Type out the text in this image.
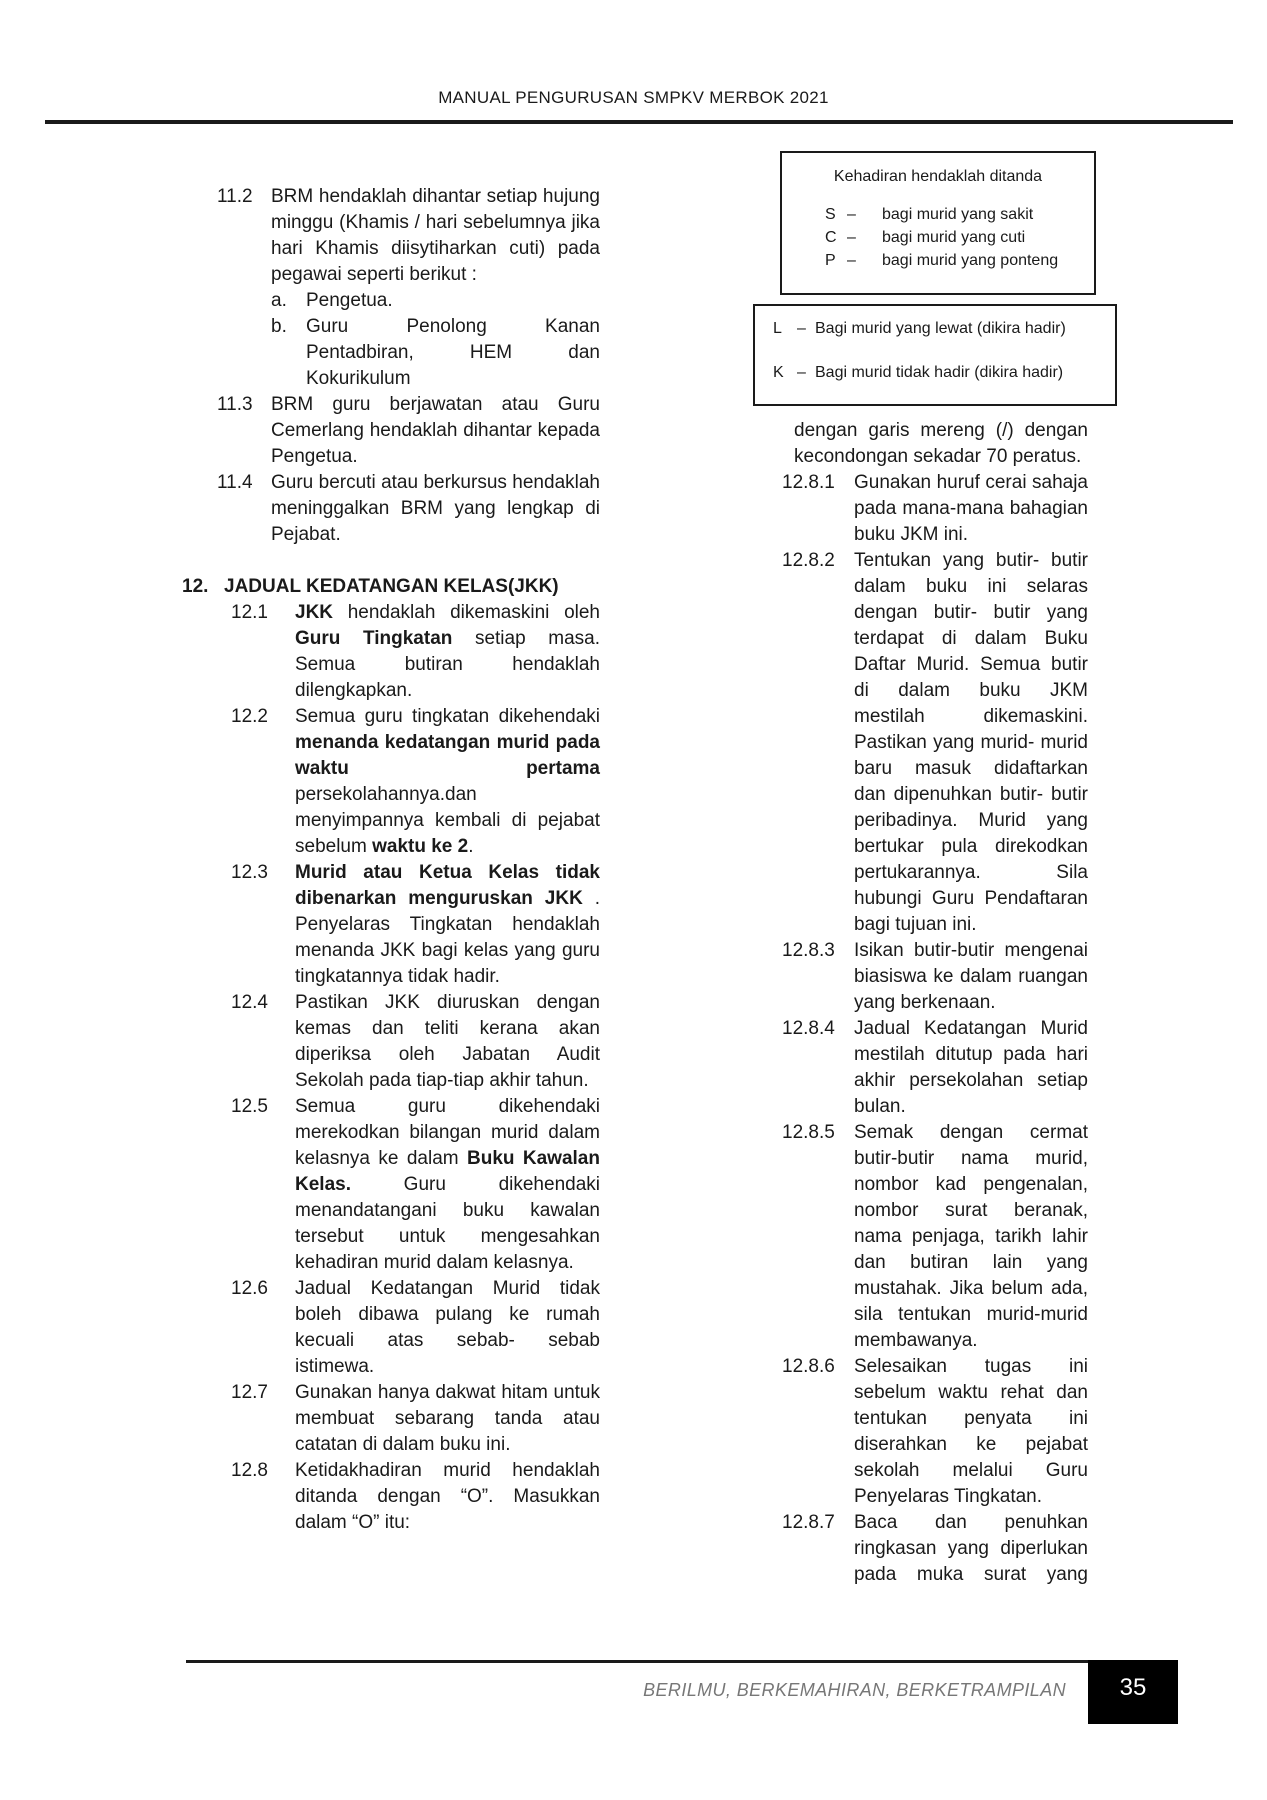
MANUAL PENGURUSAN SMPKV MERBOK 2021
11.2 BRM hendaklah dihantar setiap hujung minggu (Khamis / hari sebelumnya jika hari Khamis diisytiharkan cuti) pada pegawai seperti berikut :
a.	Pengetua.
b.	Guru Penolong Kanan Pentadbiran, HEM dan Kokurikulum
11.3 BRM guru berjawatan atau Guru Cemerlang hendaklah dihantar kepada Pengetua.
11.4 Guru bercuti atau berkursus hendaklah meninggalkan BRM yang lengkap di Pejabat.
12. JADUAL KEDATANGAN KELAS(JKK)
12.1	JKK hendaklah dikemaskini oleh Guru Tingkatan setiap masa. Semua butiran hendaklah dilengkapkan.
12.2	Semua guru tingkatan dikehendaki menanda kedatangan murid pada waktu pertama persekolahannya.dan menyimpannya kembali di pejabat sebelum waktu ke 2.
12.3	Murid atau Ketua Kelas tidak dibenarkan menguruskan JKK . Penyelaras Tingkatan hendaklah menanda JKK bagi kelas yang guru tingkatannya tidak hadir.
12.4	Pastikan JKK diuruskan dengan kemas dan teliti kerana akan diperiksa oleh Jabatan Audit Sekolah pada tiap-tiap akhir tahun.
12.5	Semua guru dikehendaki merekodkan bilangan murid dalam kelasnya ke dalam Buku Kawalan Kelas. Guru dikehendaki menandatangani buku kawalan tersebut untuk mengesahkan kehadiran murid dalam kelasnya.
12.6	Jadual Kedatangan Murid tidak boleh dibawa pulang ke rumah kecuali atas sebab- sebab istimewa.
12.7	Gunakan hanya dakwat hitam untuk membuat sebarang tanda atau catatan di dalam buku ini.
12.8	Ketidakhadiran murid hendaklah ditanda dengan “O”. Masukkan dalam “O” itu:
Kehadiran hendaklah ditanda
S –	bagi murid yang sakit
C –	bagi murid yang cuti
P –	bagi murid yang ponteng
L – Bagi murid yang lewat (dikira hadir)
K – Bagi murid tidak hadir (dikira hadir)
dengan garis mereng (/) dengan kecondongan sekadar 70 peratus.
12.8.1	Gunakan huruf cerai sahaja pada mana-mana bahagian buku JKM ini.
12.8.2	Tentukan yang butir- butir dalam buku ini selaras dengan butir- butir yang terdapat di dalam Buku Daftar Murid. Semua butir di dalam buku JKM mestilah dikemaskini. Pastikan yang murid- murid baru masuk didaftarkan dan dipenuhkan butir- butir peribadinya. Murid yang bertukar pula direkodkan pertukarannya. Sila hubungi Guru Pendaftaran bagi tujuan ini.
12.8.3	Isikan butir-butir mengenai biasiswa ke dalam ruangan yang berkenaan.
12.8.4	Jadual Kedatangan Murid mestilah ditutup pada hari akhir persekolahan setiap bulan.
12.8.5	Semak dengan cermat butir-butir nama murid, nombor kad pengenalan, nombor surat beranak, nama penjaga, tarikh lahir dan butiran lain yang mustahak. Jika belum ada, sila tentukan murid-murid membawanya.
12.8.6	Selesaikan tugas ini sebelum waktu rehat dan tentukan penyata ini diserahkan ke pejabat sekolah melalui Guru Penyelaras Tingkatan.
12.8.7	Baca dan penuhkan ringkasan yang diperlukan pada muka surat yang
BERILMU, BERKEMAHIRAN, BERKETRAMPILAN	35
